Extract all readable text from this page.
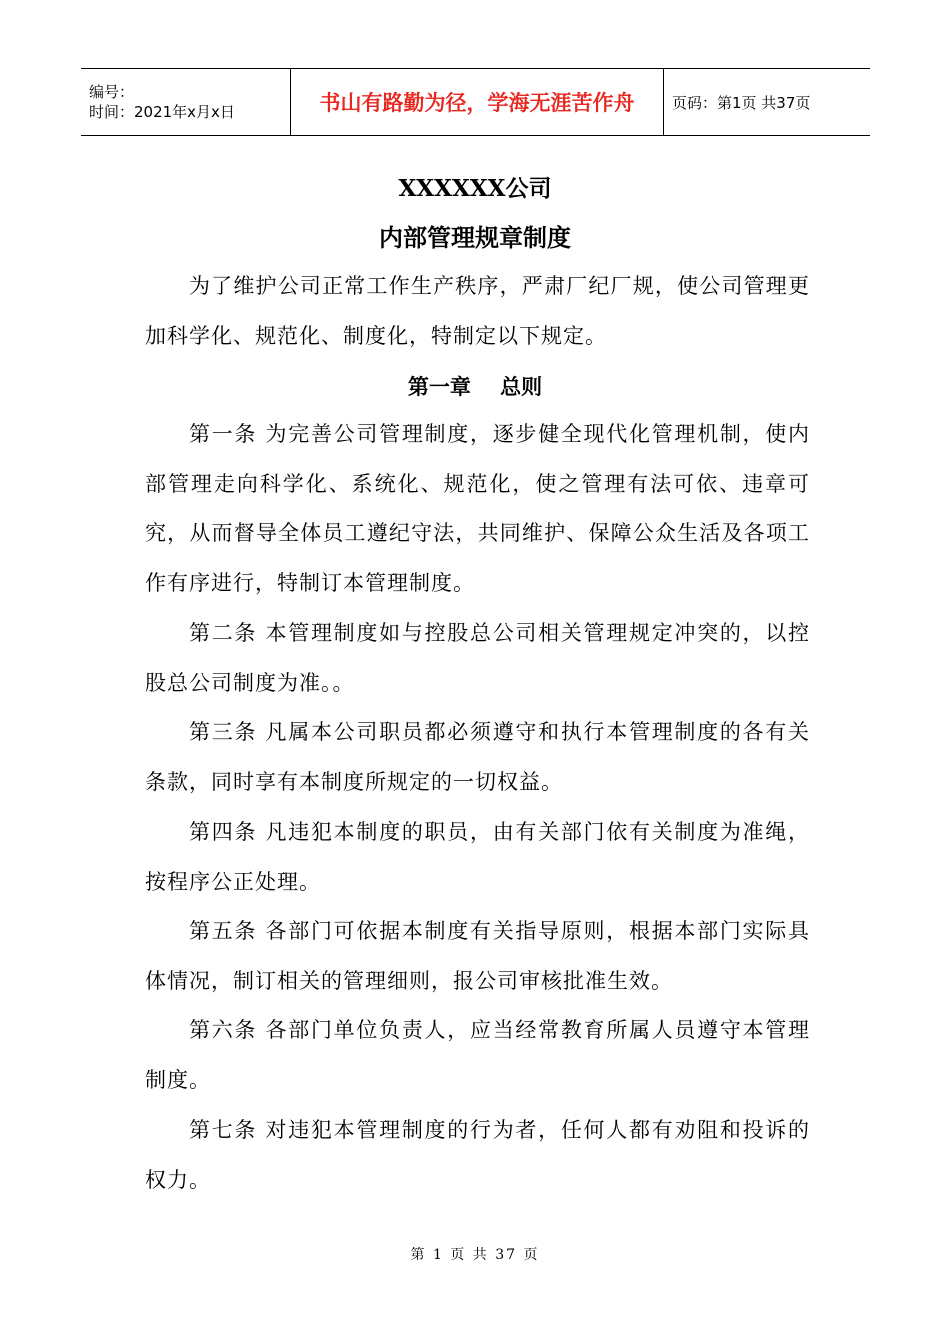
编号：
时间：2021年x月x日	书山有路勤为径，学海无涯苦作舟	页码：第1页 共37页
XXXXXX公司
内部管理规章制度

为了维护公司正常工作生产秩序，严肃厂纪厂规，使公司管理更加科学化、规范化、制度化，特制定以下规定。

第一章    总则

第一条 为完善公司管理制度，逐步健全现代化管理机制，使内部管理走向科学化、系统化、规范化，使之管理有法可依、违章可究，从而督导全体员工遵纪守法，共同维护、保障公众生活及各项工作有序进行，特制订本管理制度。

第二条 本管理制度如与控股总公司相关管理规定冲突的，以控股总公司制度为准。。

第三条 凡属本公司职员都必须遵守和执行本管理制度的各有关条款，同时享有本制度所规定的一切权益。

第四条 凡违犯本制度的职员，由有关部门依有关制度为准绳，按程序公正处理。

第五条 各部门可依据本制度有关指导原则，根据本部门实际具体情况，制订相关的管理细则，报公司审核批准生效。

第六条 各部门单位负责人，应当经常教育所属人员遵守本管理制度。

第七条 对违犯本管理制度的行为者，任何人都有劝阻和投诉的权力。

第 1 页 共 37 页
